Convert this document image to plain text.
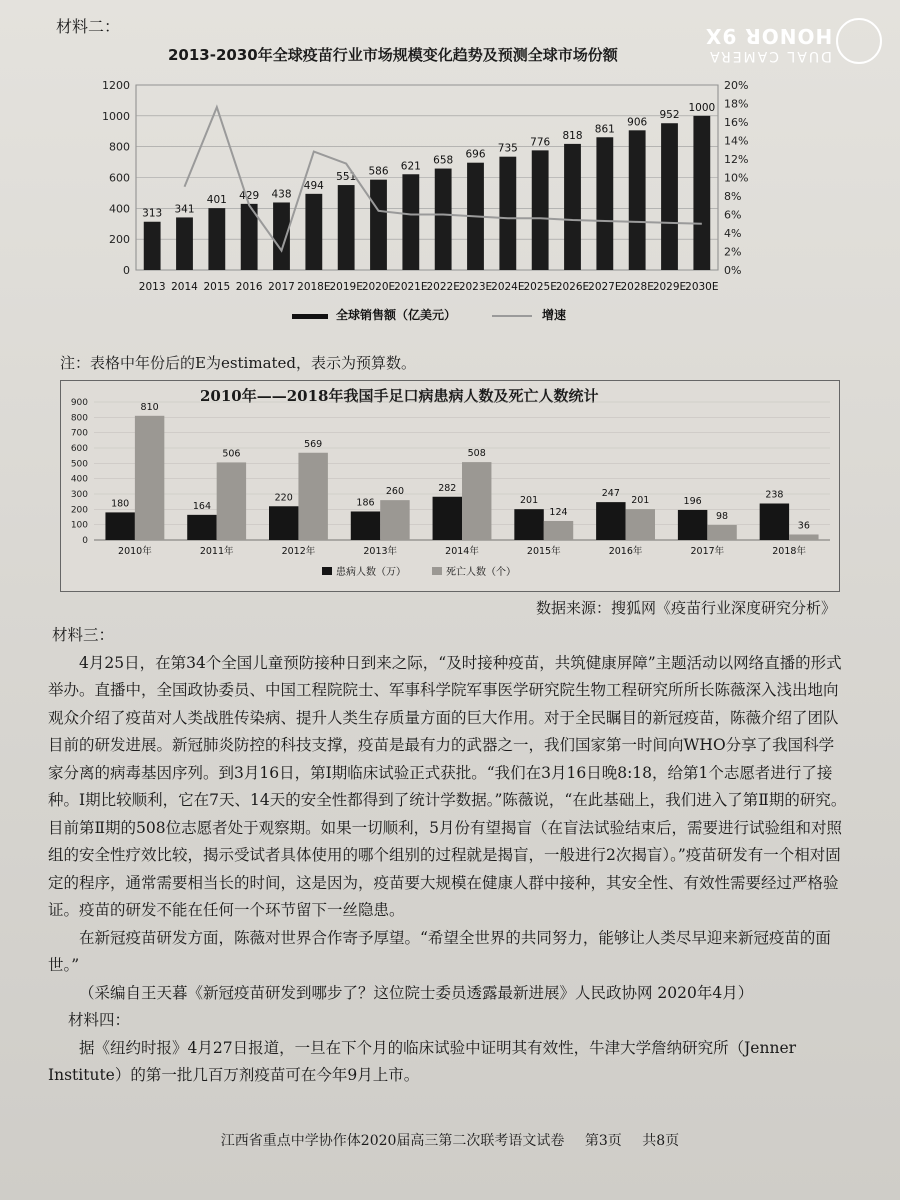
材料二：	HONOR 9X
DUAL CAMERA
2013-2030年全球疫苗行业市场规模变化趋势及预测全球市场份额
0
200
400
600
800
1000
1200
0%
2%
4%
6%
8%
10%
12%
14%
16%
18%
20%
313
2013
341
2014
401
2015
429
2016
438
2017
494
2018E
551
2019E
586
2020E
621
2021E
658
2022E
696
2023E
735
2024E
776
2025E
818
2026E
861
2027E
906
2028E
952
2029E
1000
2030E
全球销售额（亿美元）	增速
注：表格中年份后的E为estimated，表示为预算数。
2010年——2018年我国手足口病患病人数及死亡人数统计
0
100
200
300
400
500
600
700
800
900
180
810
2010年
164
506
2011年
220
569
2012年
186
260
2013年
282
508
2014年
201
124
2015年
247
201
2016年
196
98
2017年
238
36
2018年
患病人数（万）	死亡人数（个）
数据来源：搜狐网《疫苗行业深度研究分析》

材料三：

4月25日，在第34个全国儿童预防接种日到来之际，“及时接种疫苗，共筑健康屏障”主题活动以网络直播的形式举办。直播中，全国政协委员、中国工程院院士、军事科学院军事医学研究院生物工程研究所所长陈薇深入浅出地向观众介绍了疫苗对人类战胜传染病、提升人类生存质量方面的巨大作用。对于全民瞩目的新冠疫苗，陈薇介绍了团队目前的研发进展。新冠肺炎防控的科技支撑，疫苗是最有力的武器之一，我们国家第一时间向WHO分享了我国科学家分离的病毒基因序列。到3月16日，第Ⅰ期临床试验正式获批。“我们在3月16日晚8:18，给第1个志愿者进行了接种。Ⅰ期比较顺利，它在7天、14天的安全性都得到了统计学数据。”陈薇说，“在此基础上，我们进入了第Ⅱ期的研究。目前第Ⅱ期的508位志愿者处于观察期。如果一切顺利，5月份有望揭盲（在盲法试验结束后，需要进行试验组和对照组的安全性疗效比较，揭示受试者具体使用的哪个组别的过程就是揭盲，一般进行2次揭盲）。”疫苗研发有一个相对固定的程序，通常需要相当长的时间，这是因为，疫苗要大规模在健康人群中接种，其安全性、有效性需要经过严格验证。疫苗的研发不能在任何一个环节留下一丝隐患。

在新冠疫苗研发方面，陈薇对世界合作寄予厚望。“希望全世界的共同努力，能够让人类尽早迎来新冠疫苗的面世。”

（采编自王天暮《新冠疫苗研发到哪步了？这位院士委员透露最新进展》人民政协网 2020年4月）

材料四：

据《纽约时报》4月27日报道，一旦在下个月的临床试验中证明其有效性，牛津大学詹纳研究所（Jenner Institute）的第一批几百万剂疫苗可在今年9月上市。

江西省重点中学协作体2020届高三第二次联考语文试卷 第3页 共8页
